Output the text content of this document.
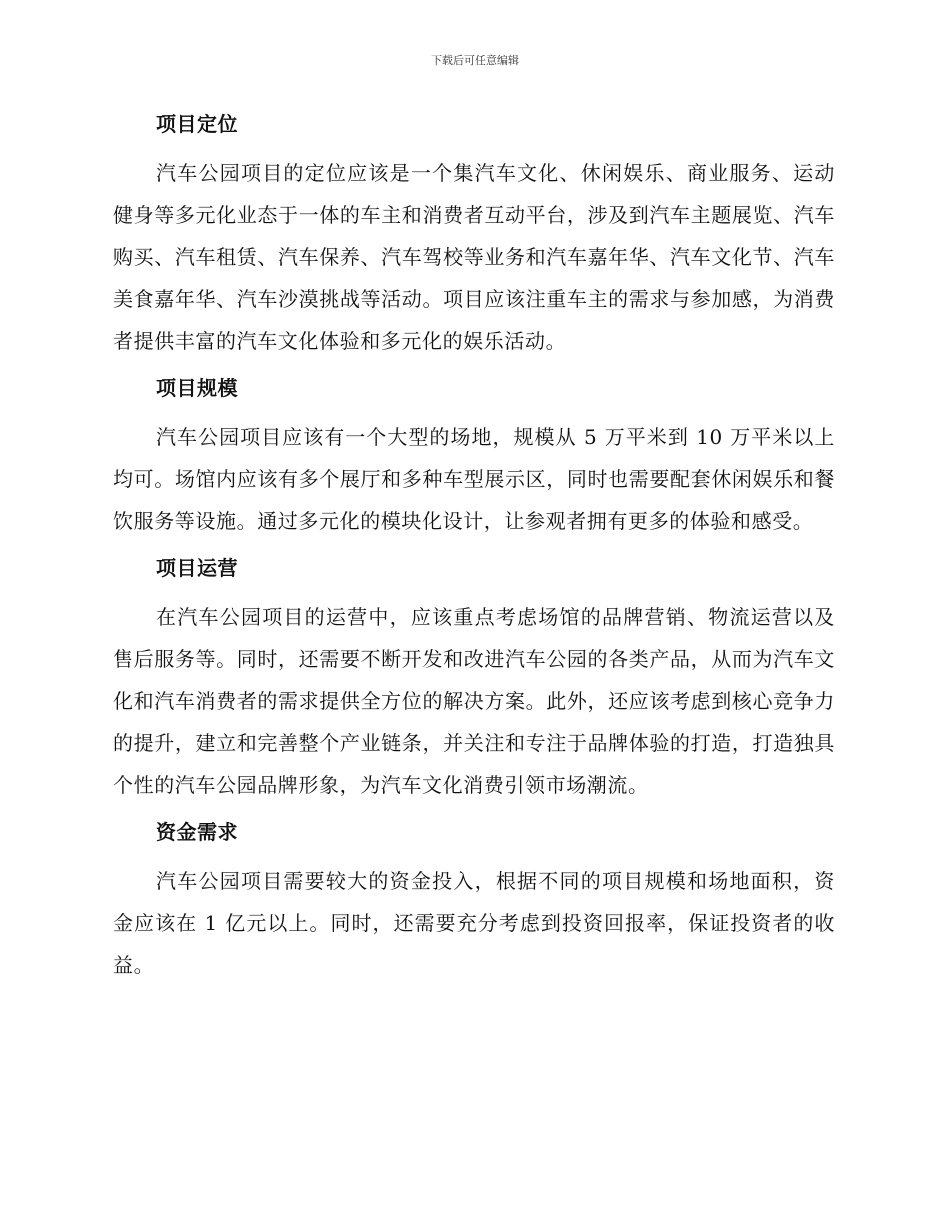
下载后可任意编辑
项目定位

汽车公园项目的定位应该是一个集汽车文化、休闲娱乐、商业服务、运动健身等多元化业态于一体的车主和消费者互动平台，涉及到汽车主题展览、汽车购买、汽车租赁、汽车保养、汽车驾校等业务和汽车嘉年华、汽车文化节、汽车美食嘉年华、汽车沙漠挑战等活动。项目应该注重车主的需求与参加感，为消费者提供丰富的汽车文化体验和多元化的娱乐活动。

项目规模

汽车公园项目应该有一个大型的场地，规模从 5 万平米到 10 万平米以上均可。场馆内应该有多个展厅和多种车型展示区，同时也需要配套休闲娱乐和餐饮服务等设施。通过多元化的模块化设计，让参观者拥有更多的体验和感受。

项目运营

在汽车公园项目的运营中，应该重点考虑场馆的品牌营销、物流运营以及售后服务等。同时，还需要不断开发和改进汽车公园的各类产品，从而为汽车文化和汽车消费者的需求提供全方位的解决方案。此外，还应该考虑到核心竞争力的提升，建立和完善整个产业链条，并关注和专注于品牌体验的打造，打造独具个性的汽车公园品牌形象，为汽车文化消费引领市场潮流。

资金需求

汽车公园项目需要较大的资金投入，根据不同的项目规模和场地面积，资金应该在 1 亿元以上。同时，还需要充分考虑到投资回报率，保证投资者的收益。
